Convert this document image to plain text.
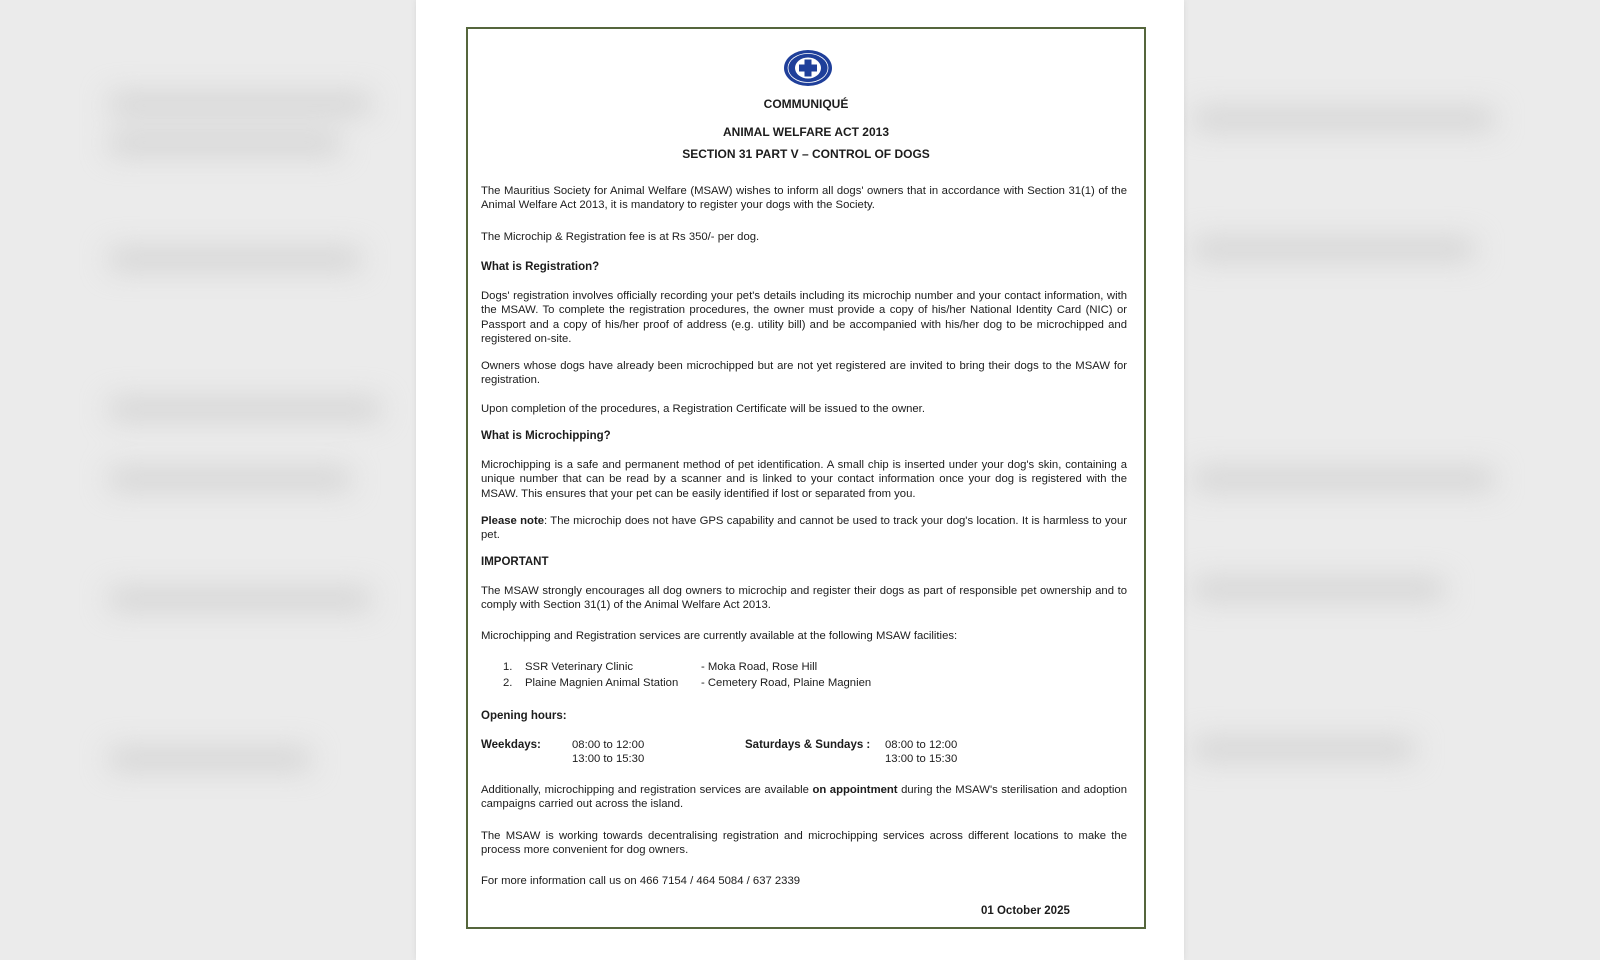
COMMUNIQUÉ
ANIMAL WELFARE ACT 2013
SECTION 31 PART V – CONTROL OF DOGS

The Mauritius Society for Animal Welfare (MSAW) wishes to inform all dogs' owners that in accordance with Section 31(1) of the Animal Welfare Act 2013, it is mandatory to register your dogs with the Society.

The Microchip & Registration fee is at Rs 350/- per dog.

What is Registration?

Dogs' registration involves officially recording your pet's details including its microchip number and your contact information, with the MSAW. To complete the registration procedures, the owner must provide a copy of his/her National Identity Card (NIC) or Passport and a copy of his/her proof of address (e.g. utility bill) and be accompanied with his/her dog to be microchipped and registered on-site.

Owners whose dogs have already been microchipped but are not yet registered are invited to bring their dogs to the MSAW for registration.

Upon completion of the procedures, a Registration Certificate will be issued to the owner.

What is Microchipping?

Microchipping is a safe and permanent method of pet identification. A small chip is inserted under your dog's skin, containing a unique number that can be read by a scanner and is linked to your contact information once your dog is registered with the MSAW. This ensures that your pet can be easily identified if lost or separated from you.

Please note: The microchip does not have GPS capability and cannot be used to track your dog's location. It is harmless to your pet.

IMPORTANT

The MSAW strongly encourages all dog owners to microchip and register their dogs as part of responsible pet ownership and to comply with Section 31(1) of the Animal Welfare Act 2013.

Microchipping and Registration services are currently available at the following MSAW facilities:

1. SSR Veterinary Clinic	- Moka Road, Rose Hill
2. Plaine Magnien Animal Station - Cemetery Road, Plaine Magnien
Opening hours:
Weekdays:	08:00 to 12:00
13:00 to 15:30
Saturdays & Sundays : 08:00 to 12:00
13:00 to 15:30

Additionally, microchipping and registration services are available on appointment during the MSAW's sterilisation and adoption campaigns carried out across the island.

The MSAW is working towards decentralising registration and microchipping services across different locations to make the process more convenient for dog owners.

For more information call us on 466 7154 / 464 5084 / 637 2339

01 October 2025
